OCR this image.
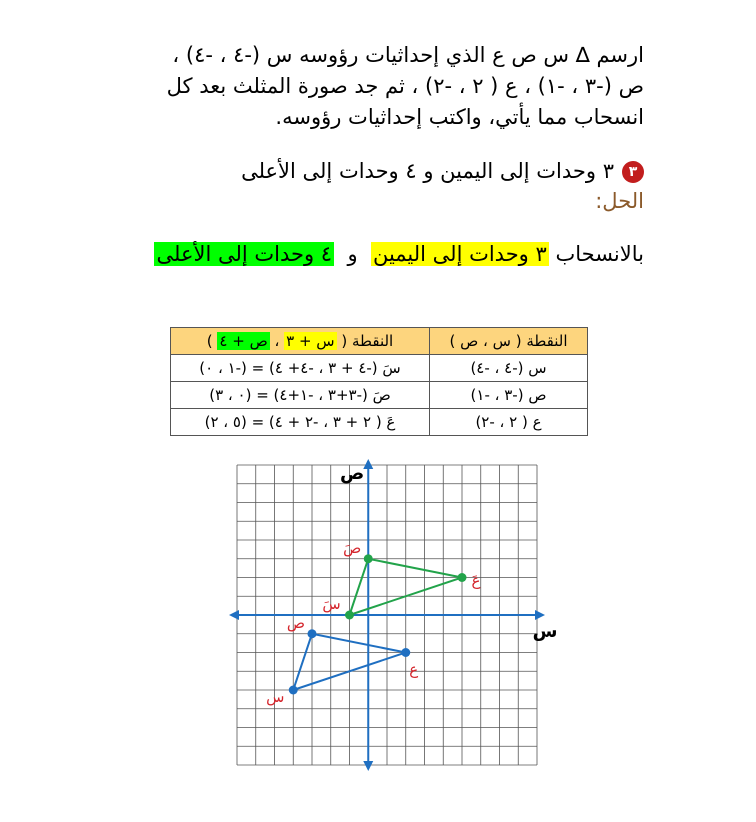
ارسم ∆ س ص ع الذي إحداثيات رؤوسه س (-٤ ، -٤) ،
ص (-٣ ، -١) ، ع ( ٢ ، -٢) ، ثم جد صورة المثلث بعد كل
انسحاب مما يأتي، واكتب إحداثيات رؤوسه.
٣٣ وحدات إلى اليمين و ٤ وحدات إلى الأعلى
الحل:
بالانسحاب ٣ وحدات إلى اليمين  و  ٤ وحدات إلى الأعلى
النقطة ( س ، ص )	النقطة ( س + ٣ ، ص + ٤ )
س (-٤ ، -٤)	سَ (-٤ + ٣ ، -٤+ ٤) = (-١ ، ٠)
ص (-٣ ، -١)	صَ (-٣+٣ ، -١+٤) = (٠ ، ٣)
ع ( ٢ ، -٢)	عَ ( ٢ + ٣ ، -٢ + ٤) = (٥ ، ٢)
س
ص
س
ص
ع
سَ
صَ
عَ
